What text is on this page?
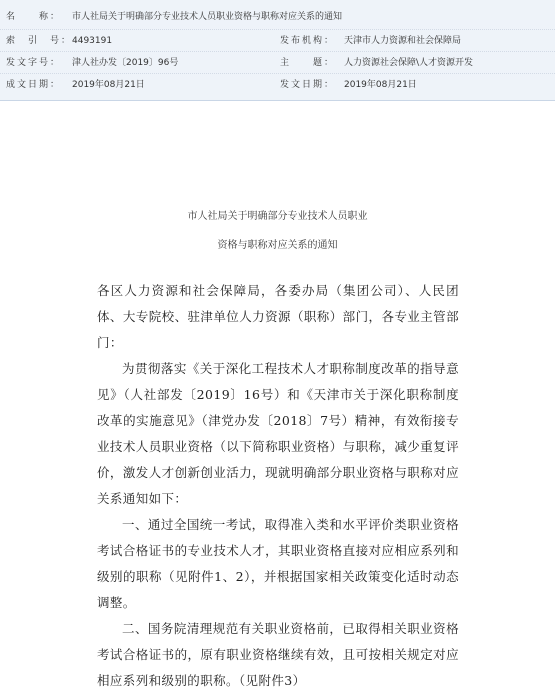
名　　称： 市人社局关于明确部分专业技术人员职业资格与职称对应关系的通知
索　引　号： 4493191	发布机构： 天津市人力资源和社会保障局
发文字号： 津人社办发〔2019〕96号	主　　题： 人力资源社会保障\人才资源开发
成文日期： 2019年08月21日	发文日期： 2019年08月21日
市人社局关于明确部分专业技术人员职业
资格与职称对应关系的通知

各区人力资源和社会保障局，各委办局（集团公司）、人民团体、大专院校、驻津单位人力资源（职称）部门，各专业主管部门：

为贯彻落实《关于深化工程技术人才职称制度改革的指导意见》（人社部发〔2019〕16号）和《天津市关于深化职称制度改革的实施意见》（津党办发〔2018〕7号）精神，有效衔接专业技术人员职业资格（以下简称职业资格）与职称，减少重复评价，激发人才创新创业活力，现就明确部分职业资格与职称对应关系通知如下：

一、通过全国统一考试，取得准入类和水平评价类职业资格考试合格证书的专业技术人才，其职业资格直接对应相应系列和级别的职称（见附件1、2），并根据国家相关政策变化适时动态调整。

二、国务院清理规范有关职业资格前，已取得相关职业资格考试合格证书的，原有职业资格继续有效，且可按相关规定对应相应系列和级别的职称。（见附件3）
